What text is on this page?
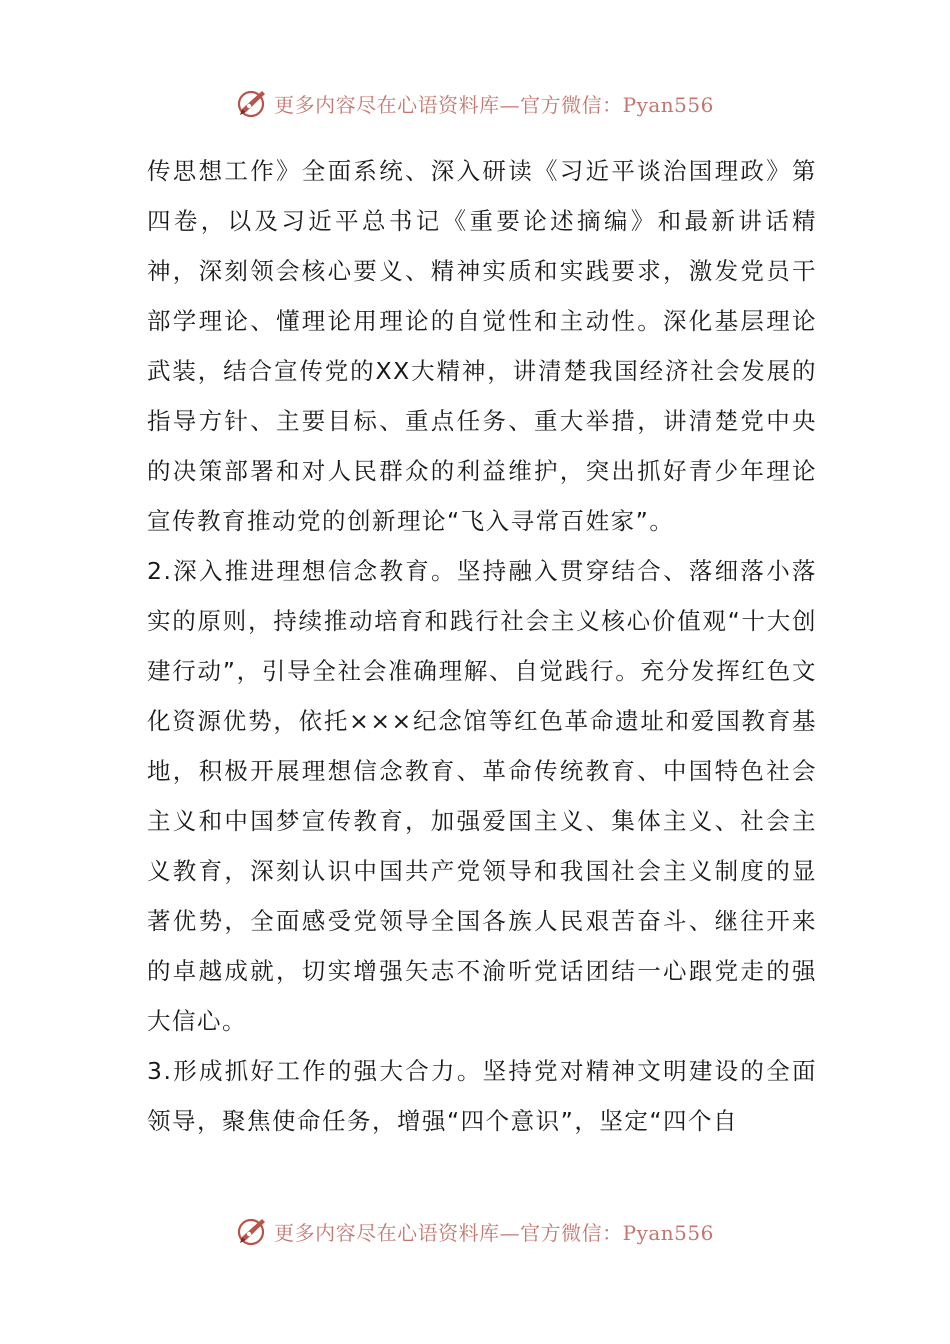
更多内容尽在心语资料库—官方微信：Pyan556

传思想工作》全面系统、深入研读《习近平谈治国理政》第四卷，以及习近平总书记《重要论述摘编》和最新讲话精神，深刻领会核心要义、精神实质和实践要求，激发党员干部学理论、懂理论用理论的自觉性和主动性。深化基层理论武装，结合宣传党的XX大精神，讲清楚我国经济社会发展的指导方针、主要目标、重点任务、重大举措，讲清楚党中央的决策部署和对人民群众的利益维护，突出抓好青少年理论宣传教育推动党的创新理论“飞入寻常百姓家”。

2.深入推进理想信念教育。坚持融入贯穿结合、落细落小落实的原则，持续推动培育和践行社会主义核心价值观“十大创建行动”，引导全社会准确理解、自觉践行。充分发挥红色文化资源优势，依托×××纪念馆等红色革命遗址和爱国教育基地，积极开展理想信念教育、革命传统教育、中国特色社会主义和中国梦宣传教育，加强爱国主义、集体主义、社会主义教育，深刻认识中国共产党领导和我国社会主义制度的显著优势，全面感受党领导全国各族人民艰苦奋斗、继往开来的卓越成就，切实增强矢志不渝听党话团结一心跟党走的强大信心。

3.形成抓好工作的强大合力。坚持党对精神文明建设的全面领导，聚焦使命任务，增强“四个意识”，坚定“四个自

更多内容尽在心语资料库—官方微信：Pyan556
